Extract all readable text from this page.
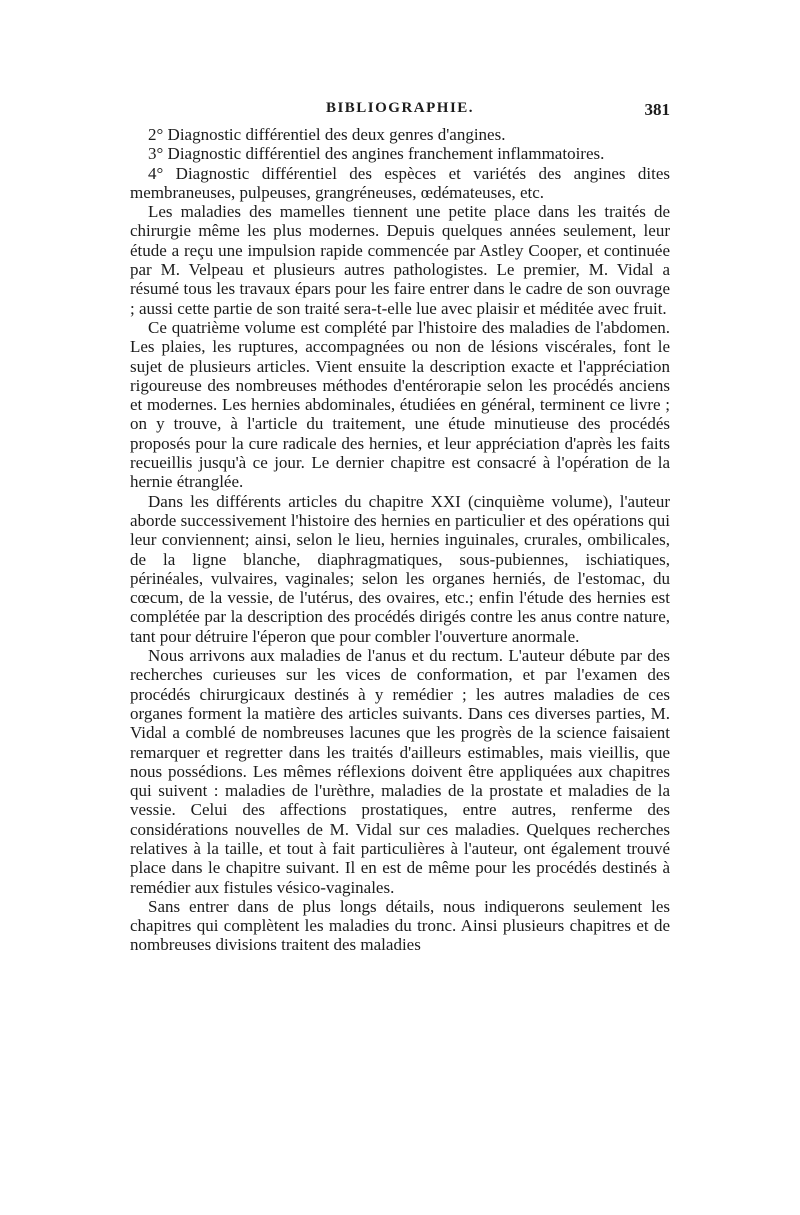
BIBLIOGRAPHIE.	381

2° Diagnostic différentiel des deux genres d'angines.

3° Diagnostic différentiel des angines franchement inflammatoires.

4° Diagnostic différentiel des espèces et variétés des angines dites membraneuses, pulpeuses, grangréneuses, œdémateuses, etc.

Les maladies des mamelles tiennent une petite place dans les traités de chirurgie même les plus modernes. Depuis quelques années seulement, leur étude a reçu une impulsion rapide commencée par Astley Cooper, et continuée par M. Velpeau et plusieurs autres pathologistes. Le premier, M. Vidal a résumé tous les travaux épars pour les faire entrer dans le cadre de son ouvrage ; aussi cette partie de son traité sera-t-elle lue avec plaisir et méditée avec fruit.

Ce quatrième volume est complété par l'histoire des maladies de l'abdomen. Les plaies, les ruptures, accompagnées ou non de lésions viscérales, font le sujet de plusieurs articles. Vient ensuite la description exacte et l'appréciation rigoureuse des nombreuses méthodes d'entérorapie selon les procédés anciens et modernes. Les hernies abdominales, étudiées en général, terminent ce livre ; on y trouve, à l'article du traitement, une étude minutieuse des procédés proposés pour la cure radicale des hernies, et leur appréciation d'après les faits recueillis jusqu'à ce jour. Le dernier chapitre est consacré à l'opération de la hernie étranglée.

Dans les différents articles du chapitre XXI (cinquième volume), l'auteur aborde successivement l'histoire des hernies en particulier et des opérations qui leur conviennent; ainsi, selon le lieu, hernies inguinales, crurales, ombilicales, de la ligne blanche, diaphragmatiques, sous-pubiennes, ischiatiques, périnéales, vulvaires, vaginales; selon les organes herniés, de l'estomac, du cœcum, de la vessie, de l'utérus, des ovaires, etc.; enfin l'étude des hernies est complétée par la description des procédés dirigés contre les anus contre nature, tant pour détruire l'éperon que pour combler l'ouverture anormale.

Nous arrivons aux maladies de l'anus et du rectum. L'auteur débute par des recherches curieuses sur les vices de conformation, et par l'examen des procédés chirurgicaux destinés à y remédier ; les autres maladies de ces organes forment la matière des articles suivants. Dans ces diverses parties, M. Vidal a comblé de nombreuses lacunes que les progrès de la science faisaient remarquer et regretter dans les traités d'ailleurs estimables, mais vieillis, que nous possédions. Les mêmes réflexions doivent être appliquées aux chapitres qui suivent : maladies de l'urèthre, maladies de la prostate et maladies de la vessie. Celui des affections prostatiques, entre autres, renferme des considérations nouvelles de M. Vidal sur ces maladies. Quelques recherches relatives à la taille, et tout à fait particulières à l'auteur, ont également trouvé place dans le chapitre suivant. Il en est de même pour les procédés destinés à remédier aux fistules vésico-vaginales.

Sans entrer dans de plus longs détails, nous indiquerons seulement les chapitres qui complètent les maladies du tronc. Ainsi plusieurs chapitres et de nombreuses divisions traitent des maladies
